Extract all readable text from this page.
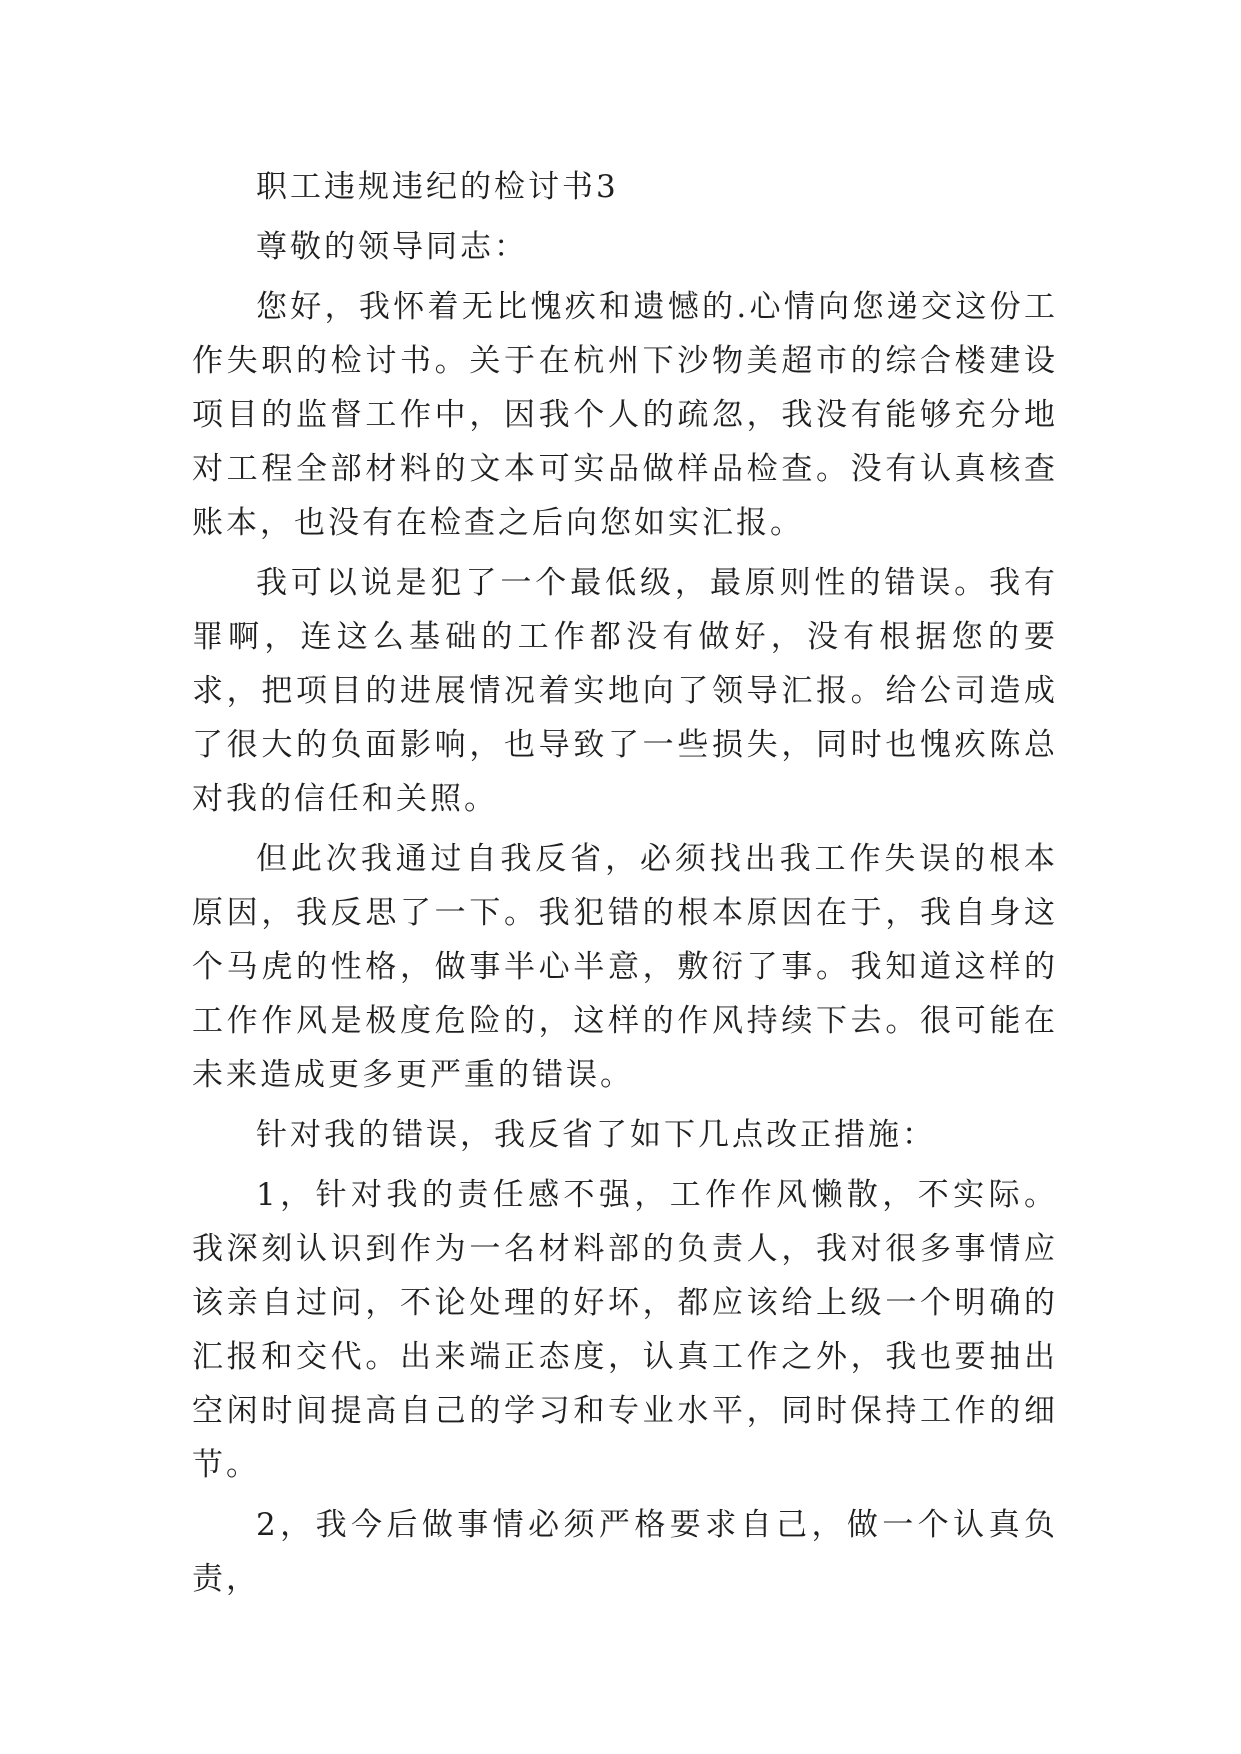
职工违规违纪的检讨书3

尊敬的领导同志：

您好，我怀着无比愧疚和遗憾的.心情向您递交这份工作失职的检讨书。关于在杭州下沙物美超市的综合楼建设项目的监督工作中，因我个人的疏忽，我没有能够充分地对工程全部材料的文本可实品做样品检查。没有认真核查账本，也没有在检查之后向您如实汇报。

我可以说是犯了一个最低级，最原则性的错误。我有罪啊，连这么基础的工作都没有做好，没有根据您的要求，把项目的进展情况着实地向了领导汇报。给公司造成了很大的负面影响，也导致了一些损失，同时也愧疚陈总对我的信任和关照。

但此次我通过自我反省，必须找出我工作失误的根本原因，我反思了一下。我犯错的根本原因在于，我自身这个马虎的性格，做事半心半意，敷衍了事。我知道这样的工作作风是极度危险的，这样的作风持续下去。很可能在未来造成更多更严重的错误。

针对我的错误，我反省了如下几点改正措施：

1，针对我的责任感不强，工作作风懒散，不实际。我深刻认识到作为一名材料部的负责人，我对很多事情应该亲自过问，不论处理的好坏，都应该给上级一个明确的汇报和交代。出来端正态度，认真工作之外，我也要抽出空闲时间提高自己的学习和专业水平，同时保持工作的细节。

2，我今后做事情必须严格要求自己，做一个认真负责，
